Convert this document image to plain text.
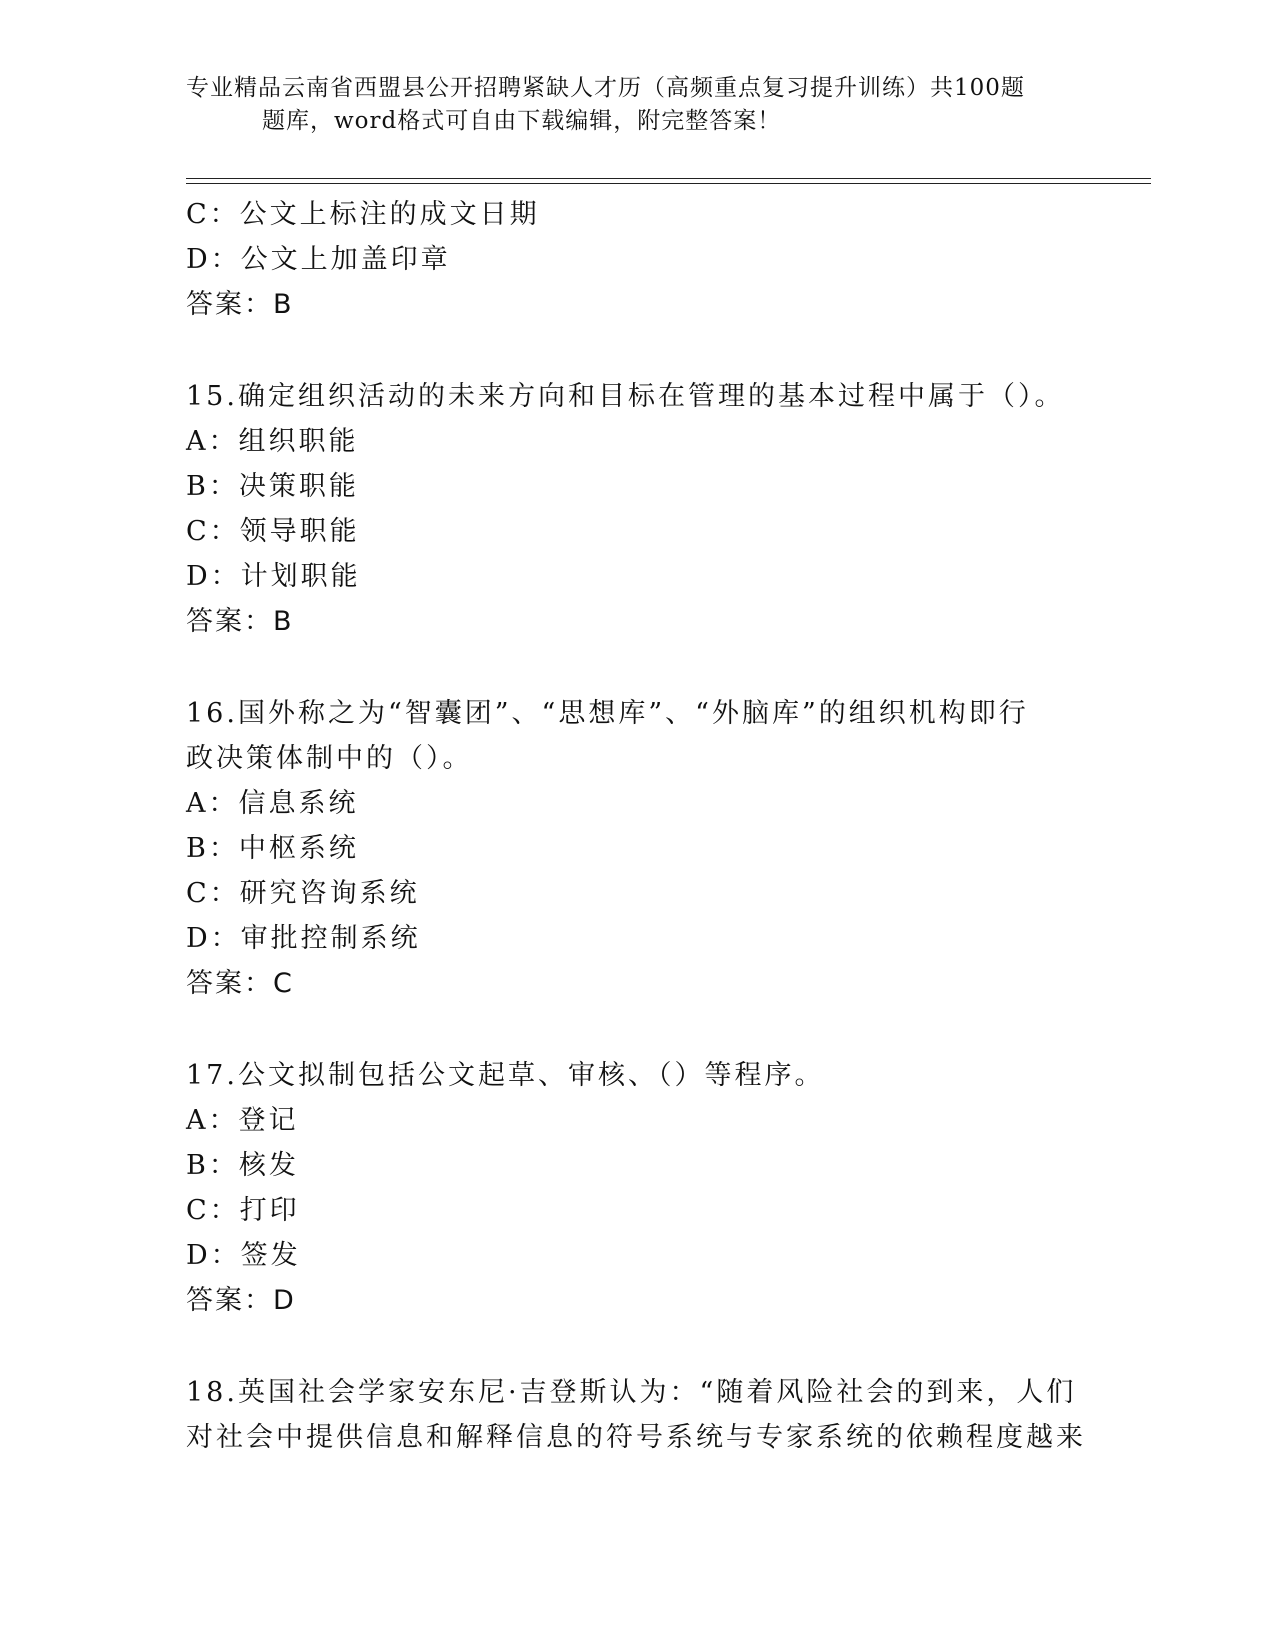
专业精品云南省西盟县公开招聘紧缺人才历（高频重点复习提升训练）共100题
题库，word格式可自由下载编辑，附完整答案！
C：公文上标注的成文日期
D：公文上加盖印章
答案：B
15.确定组织活动的未来方向和目标在管理的基本过程中属于（）。
A：组织职能
B：决策职能
C：领导职能
D：计划职能
答案：B
16.国外称之为“智囊团”、“思想库”、“外脑库”的组织机构即行
政决策体制中的（）。
A：信息系统
B：中枢系统
C：研究咨询系统
D：审批控制系统
答案：C
17.公文拟制包括公文起草、审核、（）等程序。
A：登记
B：核发
C：打印
D：签发
答案：D
18.英国社会学家安东尼·吉登斯认为：“随着风险社会的到来，人们
对社会中提供信息和解释信息的符号系统与专家系统的依赖程度越来
